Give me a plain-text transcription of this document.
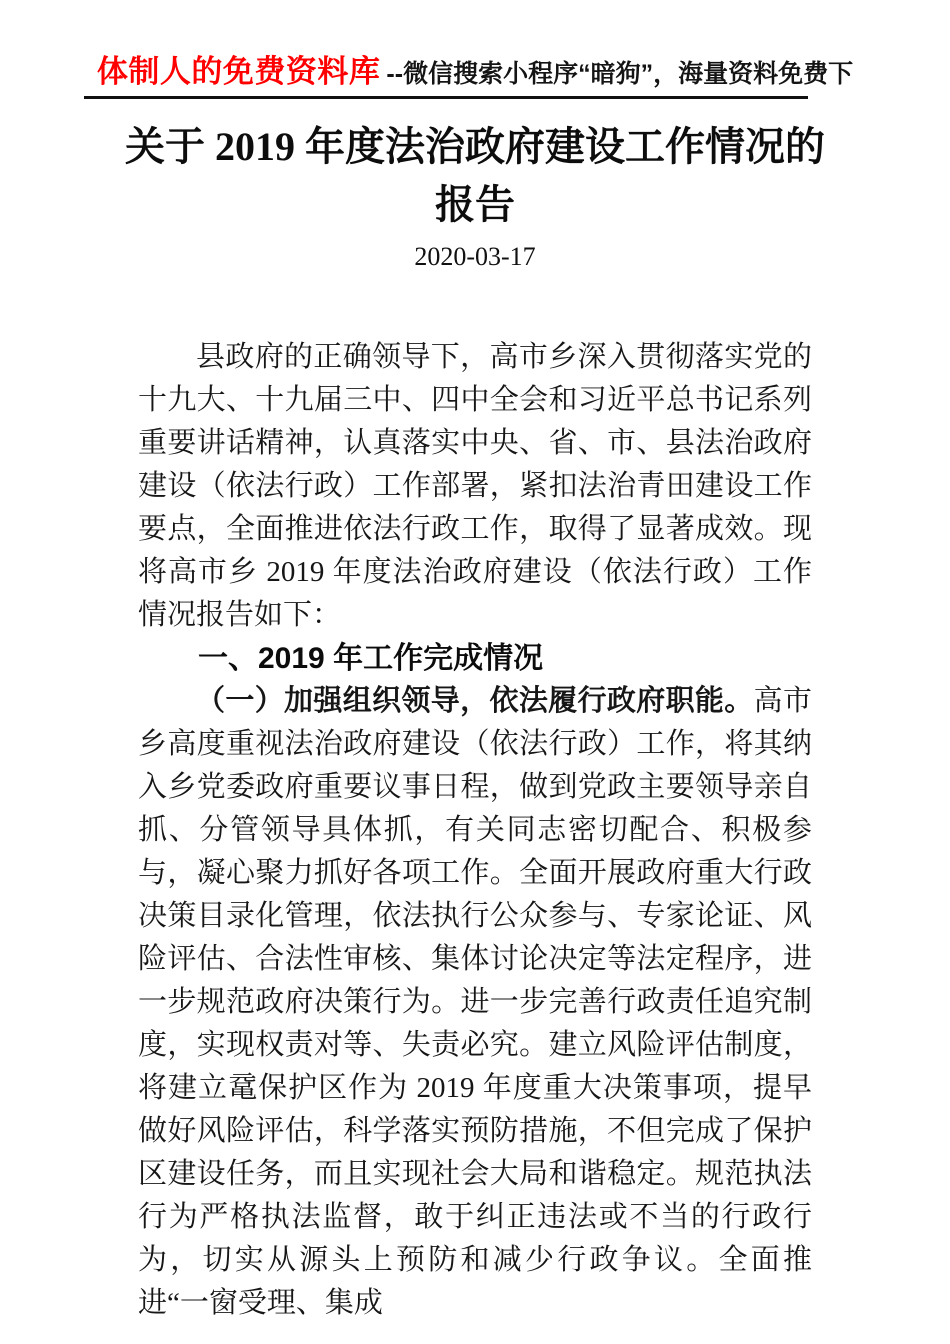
体制人的免费资料库 --微信搜索小程序“暗狗”，海量资料免费下
关于 2019 年度法治政府建设工作情况的报告
2020-03-17

县政府的正确领导下，高市乡深入贯彻落实党的十九大、十九届三中、四中全会和习近平总书记系列重要讲话精神，认真落实中央、省、市、县法治政府建设（依法行政）工作部署，紧扣法治青田建设工作要点，全面推进依法行政工作，取得了显著成效。现将高市乡 2019 年度法治政府建设（依法行政）工作情况报告如下：

一、2019 年工作完成情况

（一）加强组织领导，依法履行政府职能。高市乡高度重视法治政府建设（依法行政）工作，将其纳入乡党委政府重要议事日程，做到党政主要领导亲自抓、分管领导具体抓，有关同志密切配合、积极参与，凝心聚力抓好各项工作。全面开展政府重大行政决策目录化管理，依法执行公众参与、专家论证、风险评估、合法性审核、集体讨论决定等法定程序，进一步规范政府决策行为。进一步完善行政责任追究制度，实现权责对等、失责必究。建立风险评估制度，将建立鼋保护区作为 2019 年度重大决策事项，提早做好风险评估，科学落实预防措施，不但完成了保护区建设任务，而且实现社会大局和谐稳定。规范执法行为严格执法监督，敢于纠正违法或不当的行政行为，切实从源头上预防和减少行政争议。全面推进“一窗受理、集成
